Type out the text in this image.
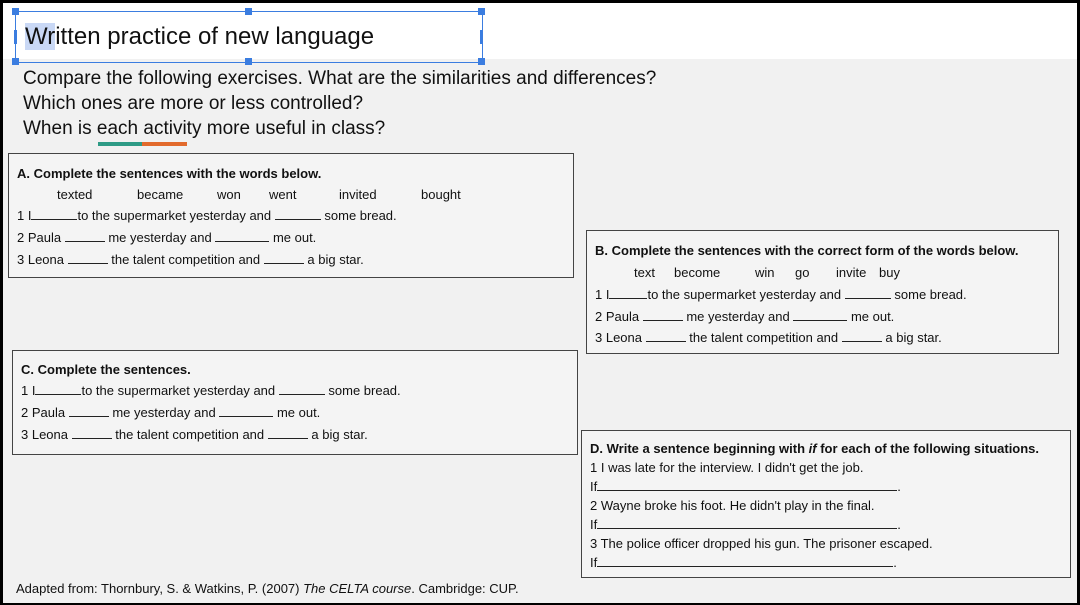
Written practice of new language
Compare the following exercises. What are the similarities and differences?
Which ones are more or less controlled?
When is each activity more useful in class?
A. Complete the sentences with the words below.
texted	became	won went	invited	bought
1 I	to the supermarket yesterday and	some bread.
2 Paula	me yesterday and	me out.
3 Leona	the talent competition and	a big star.
B. Complete the sentences with the correct form of the words below.
text become	win go invite buy
1 I	to the supermarket yesterday and	some bread.
2 Paula	me yesterday and	me out.
3 Leona	the talent competition and	a big star.
C. Complete the sentences.
1 I	to the supermarket yesterday and	some bread.
2 Paula	me yesterday and	me out.
3 Leona	the talent competition and	a big star.
D. Write a sentence beginning with if for each of the following situations.
1 I was late for the interview. I didn't get the job.
If	.
2 Wayne broke his foot. He didn't play in the final.
If	.
3 The police officer dropped his gun. The prisoner escaped.
If	.
Adapted from: Thornbury, S. & Watkins, P. (2007) The CELTA course. Cambridge: CUP.
